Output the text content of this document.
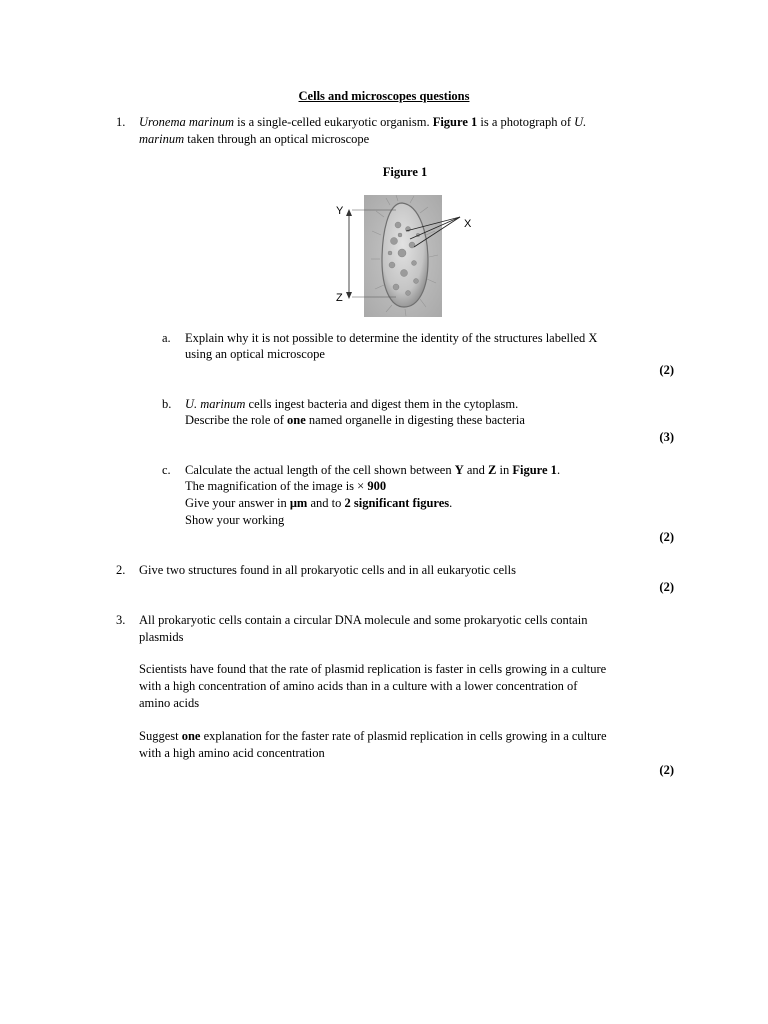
Cells and microscopes questions
1.	Uronema marinum is a single-celled eukaryotic organism. Figure 1 is a photograph of U.
marinum taken through an optical microscope
Figure 1
Y
Z
X
a. Explain why it is not possible to determine the identity of the structures labelled X
using an optical microscope
(2)
b. U. marinum cells ingest bacteria and digest them in the cytoplasm.
Describe the role of one named organelle in digesting these bacteria
(3)
c. Calculate the actual length of the cell shown between Y and Z in Figure 1.
The magnification of the image is × 900
Give your answer in μm and to 2 significant figures.
Show your working
(2)
2.	Give two structures found in all prokaryotic cells and in all eukaryotic cells
(2)
3.	All prokaryotic cells contain a circular DNA molecule and some prokaryotic cells contain
plasmids
Scientists have found that the rate of plasmid replication is faster in cells growing in a culture
with a high concentration of amino acids than in a culture with a lower concentration of
amino acids
Suggest one explanation for the faster rate of plasmid replication in cells growing in a culture
with a high amino acid concentration
(2)
